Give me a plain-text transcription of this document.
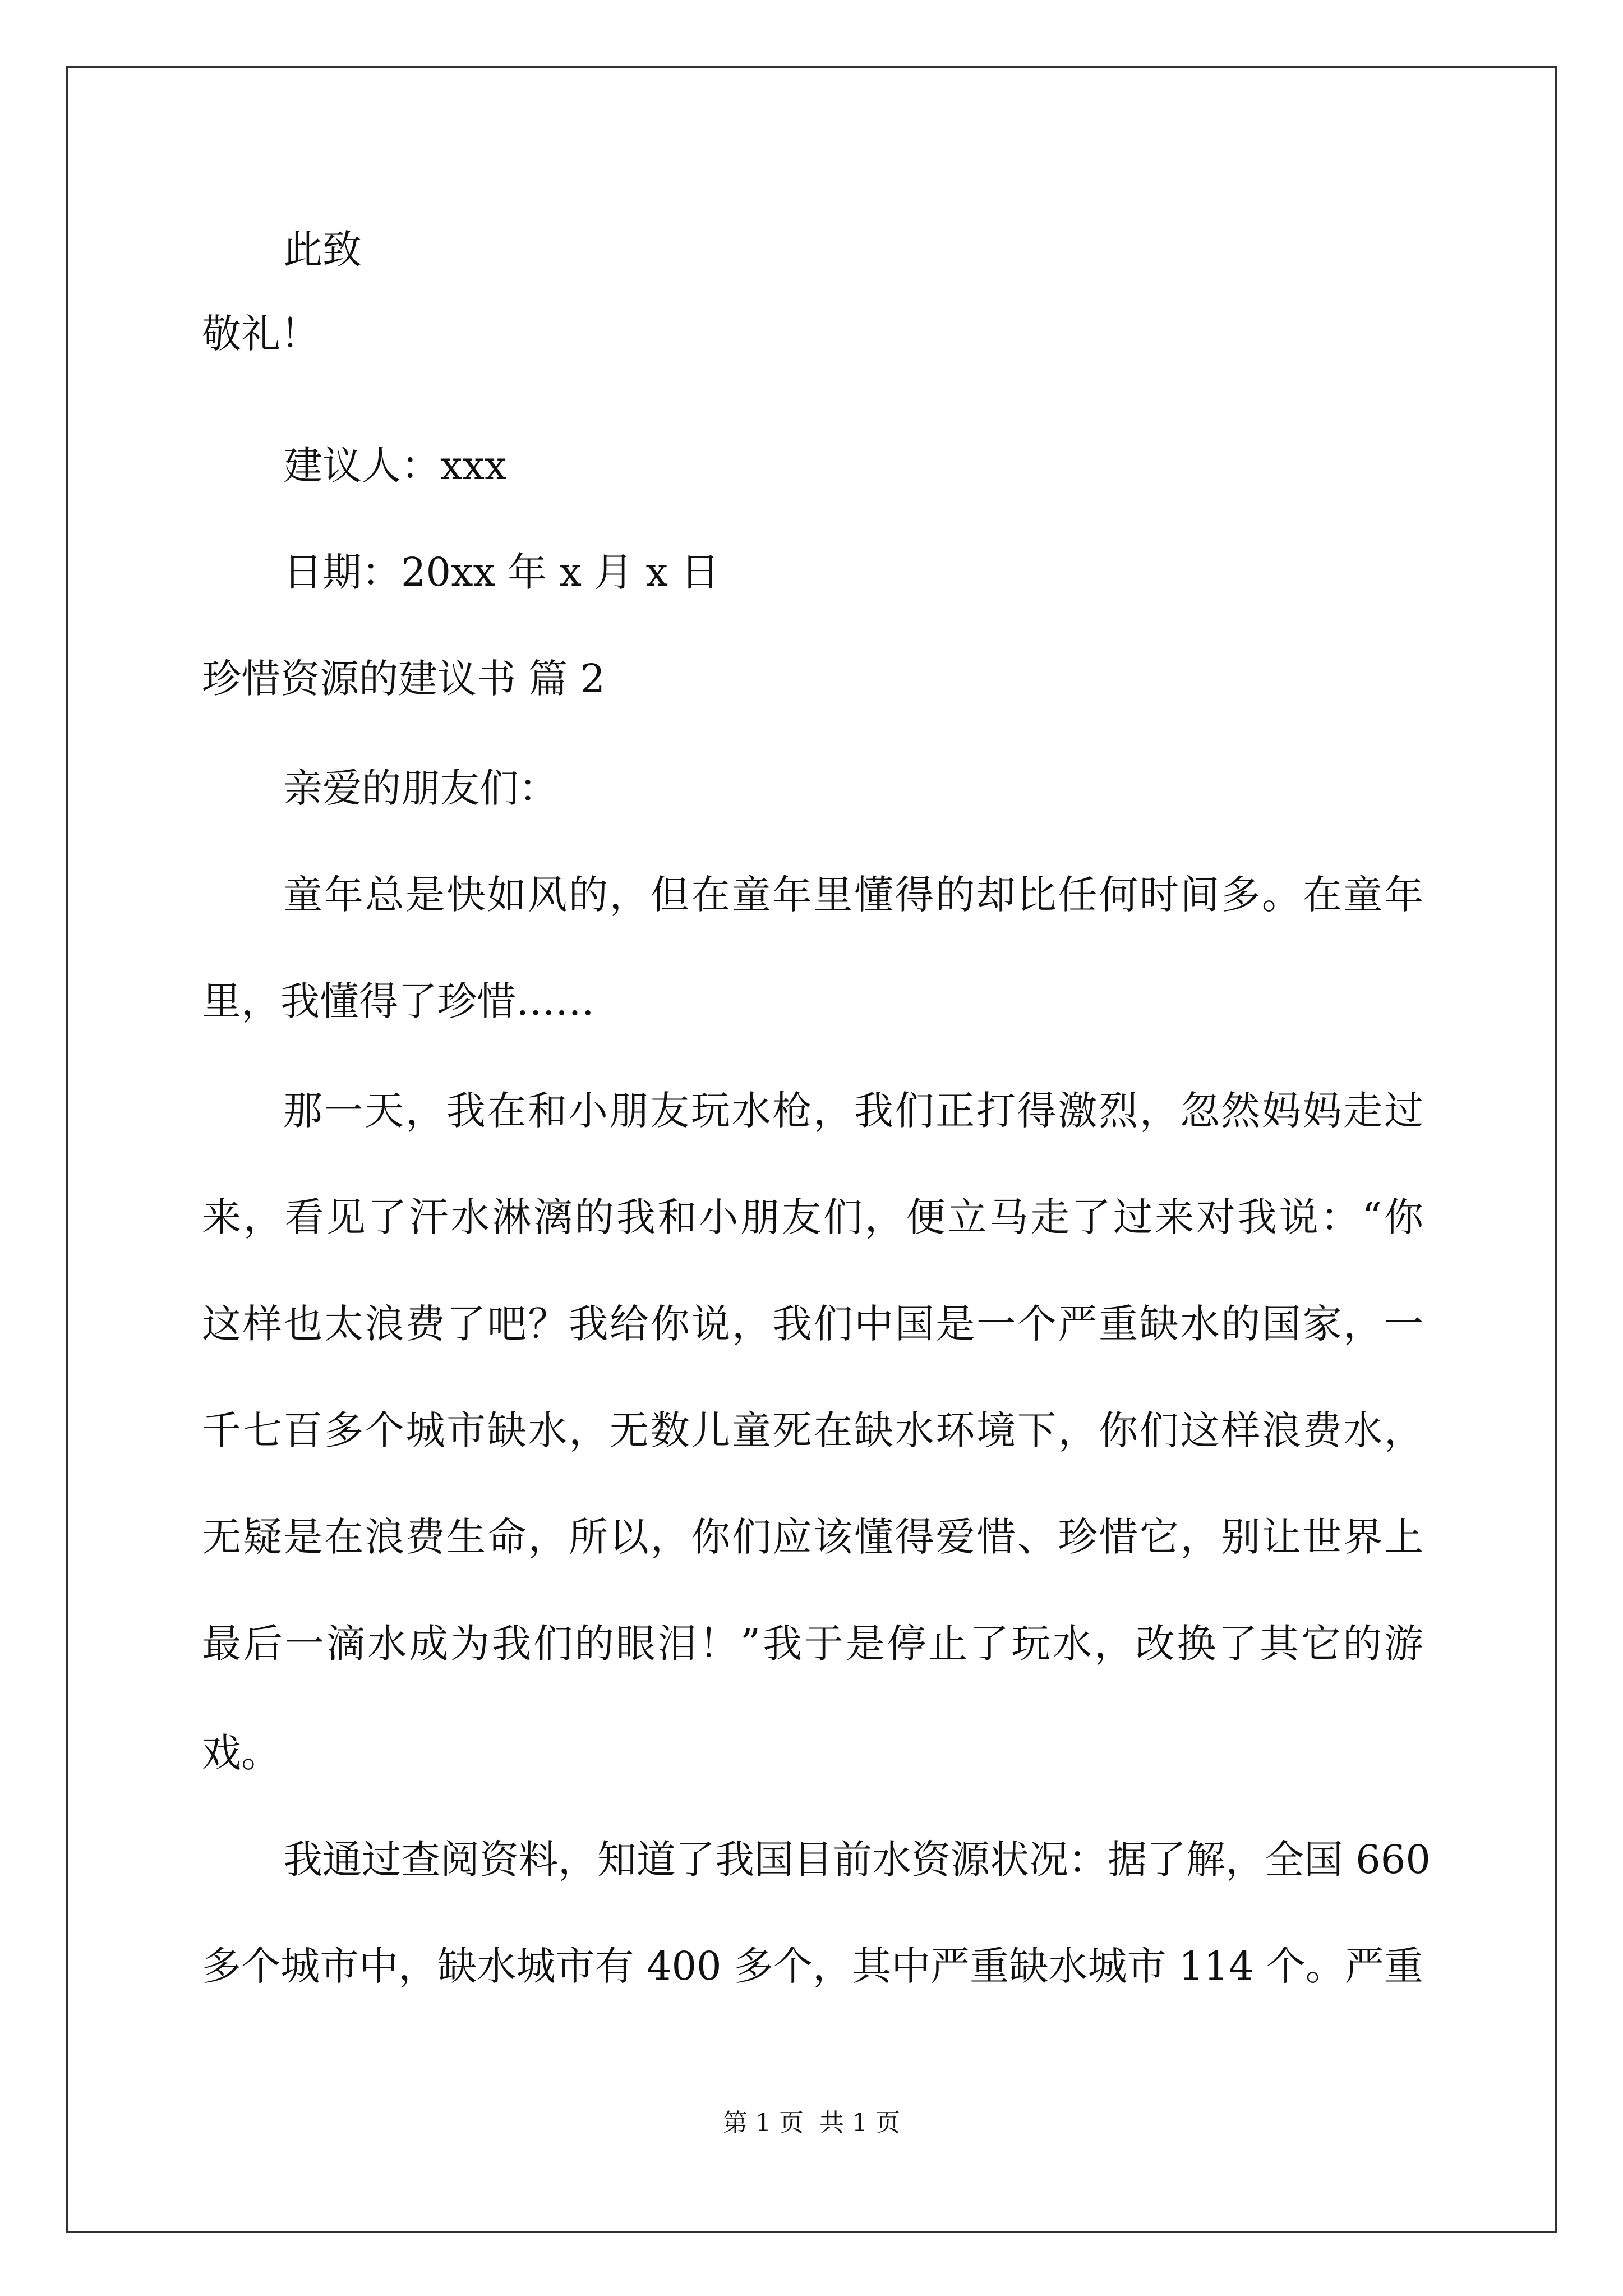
此致
敬礼！
建议人：xxx
日期：20xx 年 x 月 x 日
珍惜资源的建议书 篇 2
亲爱的朋友们：
童年总是快如风的，但在童年里懂得的却比任何时间多。在童年
里，我懂得了珍惜……
那一天，我在和小朋友玩水枪，我们正打得激烈，忽然妈妈走过
来，看见了汗水淋漓的我和小朋友们，便立马走了过来对我说：“你
这样也太浪费了吧？我给你说，我们中国是一个严重缺水的国家，一
千七百多个城市缺水，无数儿童死在缺水环境下，你们这样浪费水，
无疑是在浪费生命，所以，你们应该懂得爱惜、珍惜它，别让世界上
最后一滴水成为我们的眼泪！”我于是停止了玩水，改换了其它的游
戏。
我通过查阅资料，知道了我国目前水资源状况：据了解，全国 660
多个城市中，缺水城市有 400 多个，其中严重缺水城市 114 个。严重
第 1 页 共 1 页
